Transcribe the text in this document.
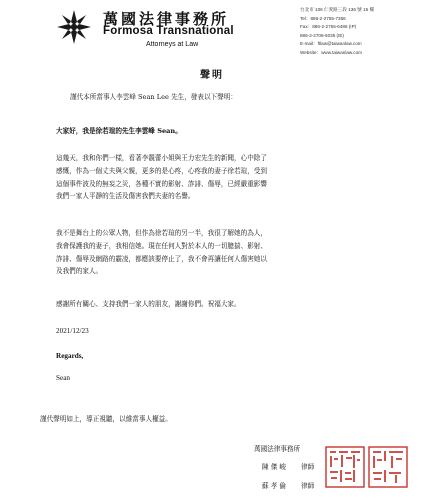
萬國法律事務所
Formosa Transnational
Attorneys at Law
台北市 106 仁愛路三段 136 號 15 樓
Tel：886-2-2755-7366
Fax：886-2-2755-6486 (IP)
886-2-2708-6035 (IE)
E-mail：ftlaw@taiwanlaw.com
Website：www.taiwanlaw.com
聲明
謹代本所當事人李雲峰 Sean Lee 先生，發表以下聲明：
大家好，我是徐若瑄的先生李雲峰 Sean。
這幾天，我和你們一樣，看著李靚蕾小姐與王力宏先生的新聞，心中除了
感慨，作為一個丈夫與父親，更多的是心疼，心疼我的妻子徐若瑄，受到
這個事件波及的無妄之災，各種不實的影射、詐誹、傷辱，已經嚴重影響
我們一家人平靜的生活及傷害我們夫妻的名譽。
我不是舞台上的公眾人物，但作為徐若瑄的另一半，我很了解她的為人，
我會保護我的妻子，我相信她。現在任何人對於本人的一切臆揣、影射、
詐誹、傷辱及網路的霸凌，都應該要停止了，我不會再讓任何人傷害她以
及我們的家人。
感謝所有關心、支持我們一家人的朋友，謝謝你們。祝福大家。
2021/12/23
Regards,
Sean
謹代聲明如上，導正視聽，以維當事人權益。
萬國法律事務所
陳 傑 峻 律師
蘇 孝 倫 律師
